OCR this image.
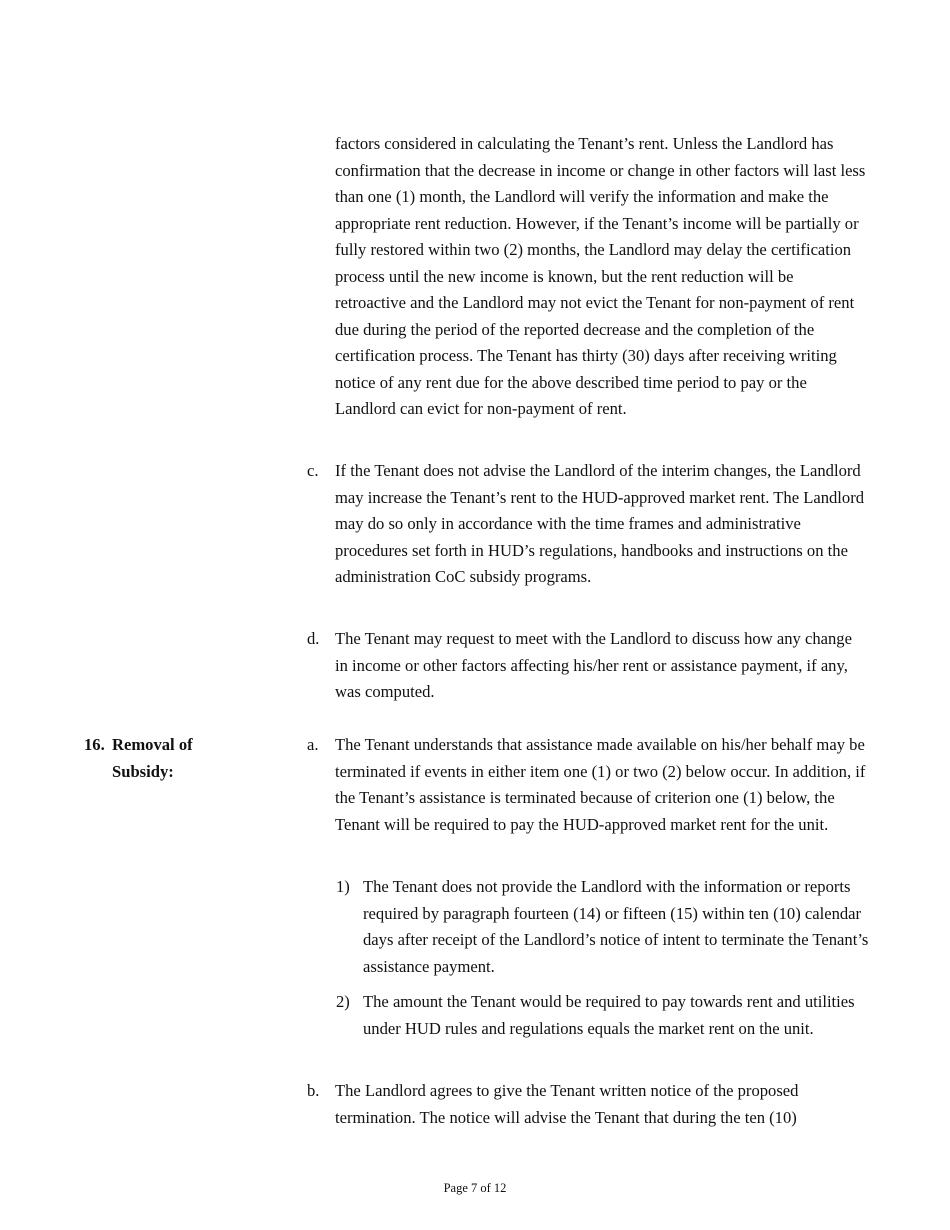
factors considered in calculating the Tenant’s rent. Unless the Landlord has confirmation that the decrease in income or change in other factors will last less than one (1) month, the Landlord will verify the information and make the appropriate rent reduction. However, if the Tenant’s income will be partially or fully restored within two (2) months, the Landlord may delay the certification process until the new income is known, but the rent reduction will be retroactive and the Landlord may not evict the Tenant for non-payment of rent due during the period of the reported decrease and the completion of the certification process. The Tenant has thirty (30) days after receiving writing notice of any rent due for the above described time period to pay or the Landlord can evict for non-payment of rent.

c. If the Tenant does not advise the Landlord of the interim changes, the Landlord may increase the Tenant’s rent to the HUD-approved market rent. The Landlord may do so only in accordance with the time frames and administrative procedures set forth in HUD’s regulations, handbooks and instructions on the administration CoC subsidy programs.

d. The Tenant may request to meet with the Landlord to discuss how any change in income or other factors affecting his/her rent or assistance payment, if any, was computed.

16. Removal of
Subsidy:
a. The Tenant understands that assistance made available on his/her behalf may be terminated if events in either item one (1) or two (2) below occur. In addition, if the Tenant’s assistance is terminated because of criterion one (1) below, the Tenant will be required to pay the HUD-approved market rent for the unit.

1) The Tenant does not provide the Landlord with the information or reports required by paragraph fourteen (14) or fifteen (15) within ten (10) calendar days after receipt of the Landlord’s notice of intent to terminate the Tenant’s assistance payment.

2) The amount the Tenant would be required to pay towards rent and utilities under HUD rules and regulations equals the market rent on the unit.

b. The Landlord agrees to give the Tenant written notice of the proposed termination. The notice will advise the Tenant that during the ten (10)

Page 7 of 12
